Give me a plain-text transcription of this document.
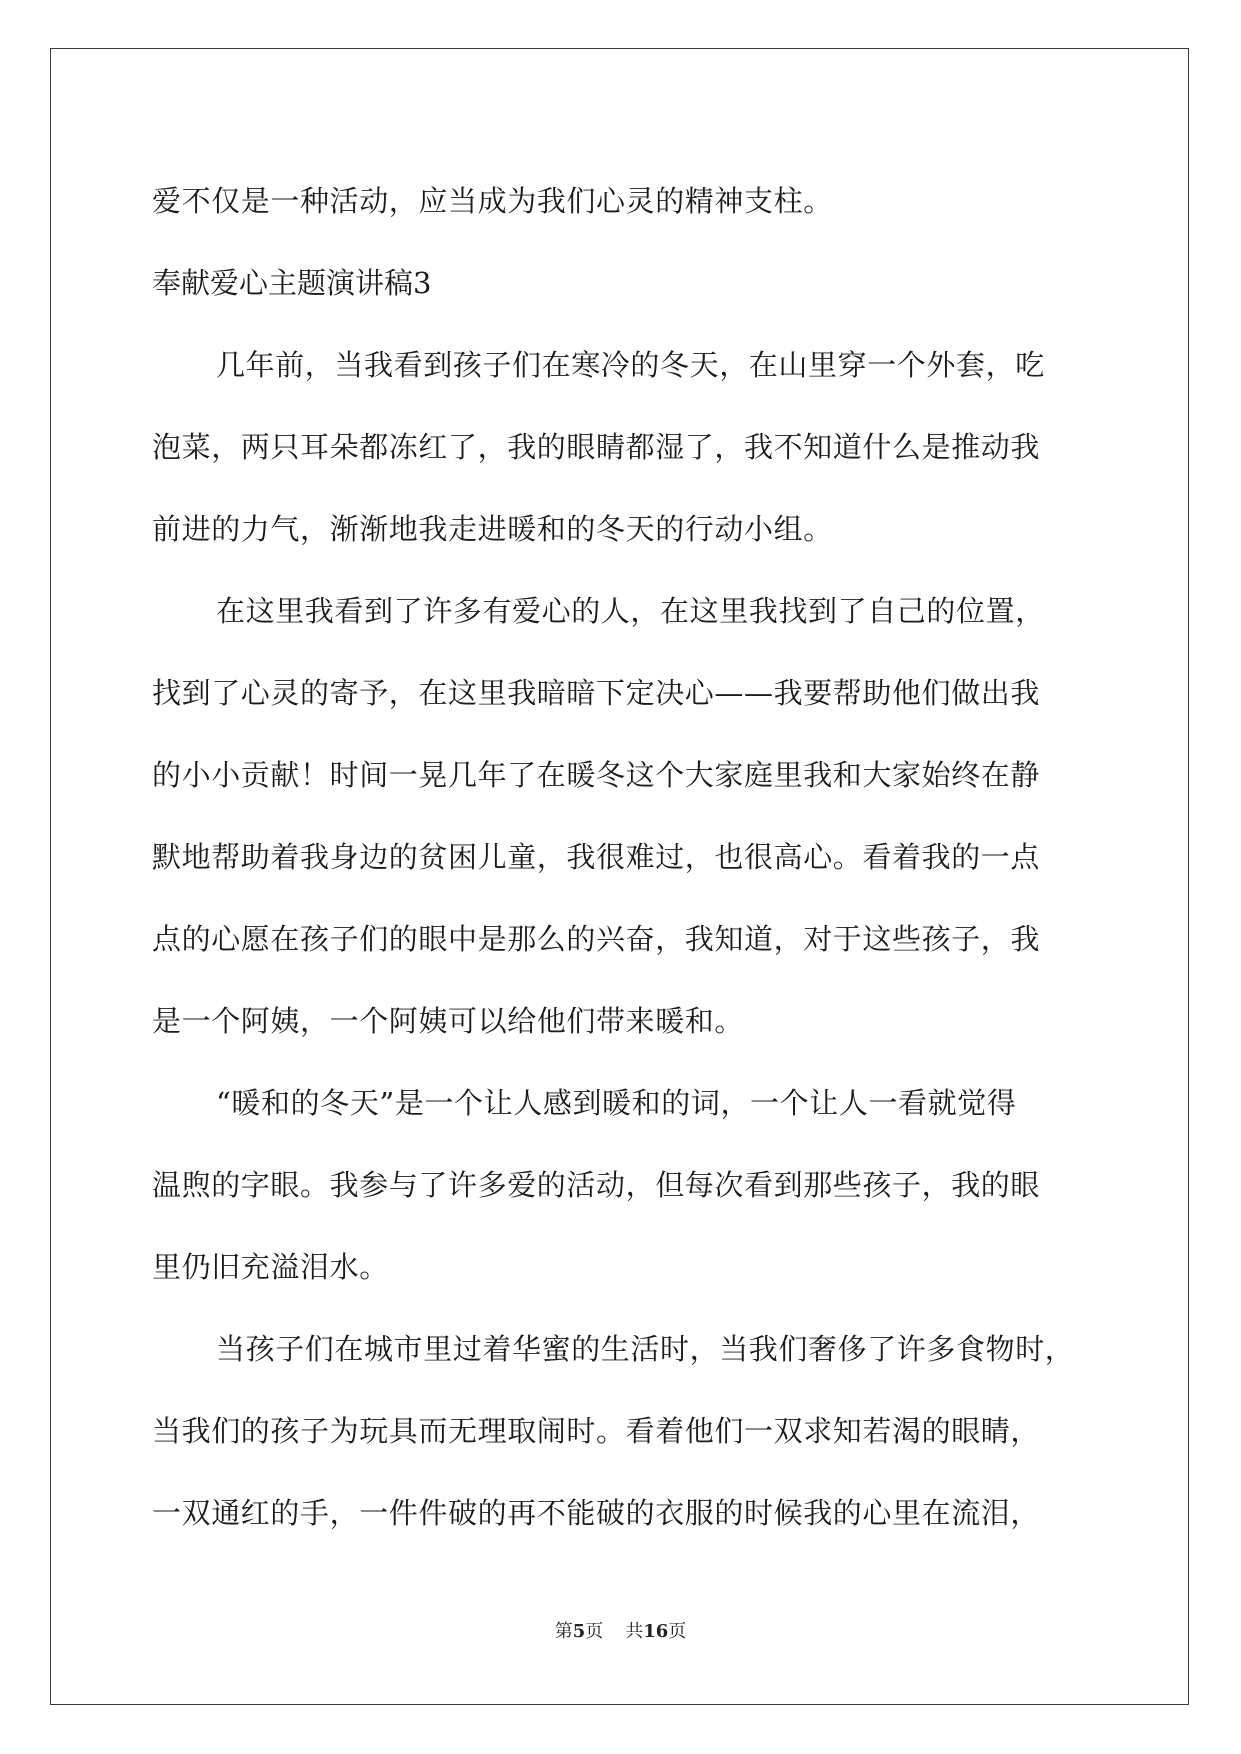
爱不仅是一种活动，应当成为我们心灵的精神支柱。

奉献爱心主题演讲稿3

几年前，当我看到孩子们在寒冷的冬天，在山里穿一个外套，吃

泡菜，两只耳朵都冻红了，我的眼睛都湿了，我不知道什么是推动我

前进的力气，渐渐地我走进暖和的冬天的行动小组。

在这里我看到了许多有爱心的人，在这里我找到了自己的位置，

找到了心灵的寄予，在这里我暗暗下定决心——我要帮助他们做出我

的小小贡献！时间一晃几年了在暖冬这个大家庭里我和大家始终在静

默地帮助着我身边的贫困儿童，我很难过，也很高心。看着我的一点

点的心愿在孩子们的眼中是那么的兴奋，我知道，对于这些孩子，我

是一个阿姨，一个阿姨可以给他们带来暖和。

“暖和的冬天”是一个让人感到暖和的词，一个让人一看就觉得

温煦的字眼。我参与了许多爱的活动，但每次看到那些孩子，我的眼

里仍旧充溢泪水。

当孩子们在城市里过着华蜜的生活时，当我们奢侈了许多食物时，

当我们的孩子为玩具而无理取闹时。看着他们一双求知若渴的眼睛，

一双通红的手，一件件破的再不能破的衣服的时候我的心里在流泪，

第5页 共16页
